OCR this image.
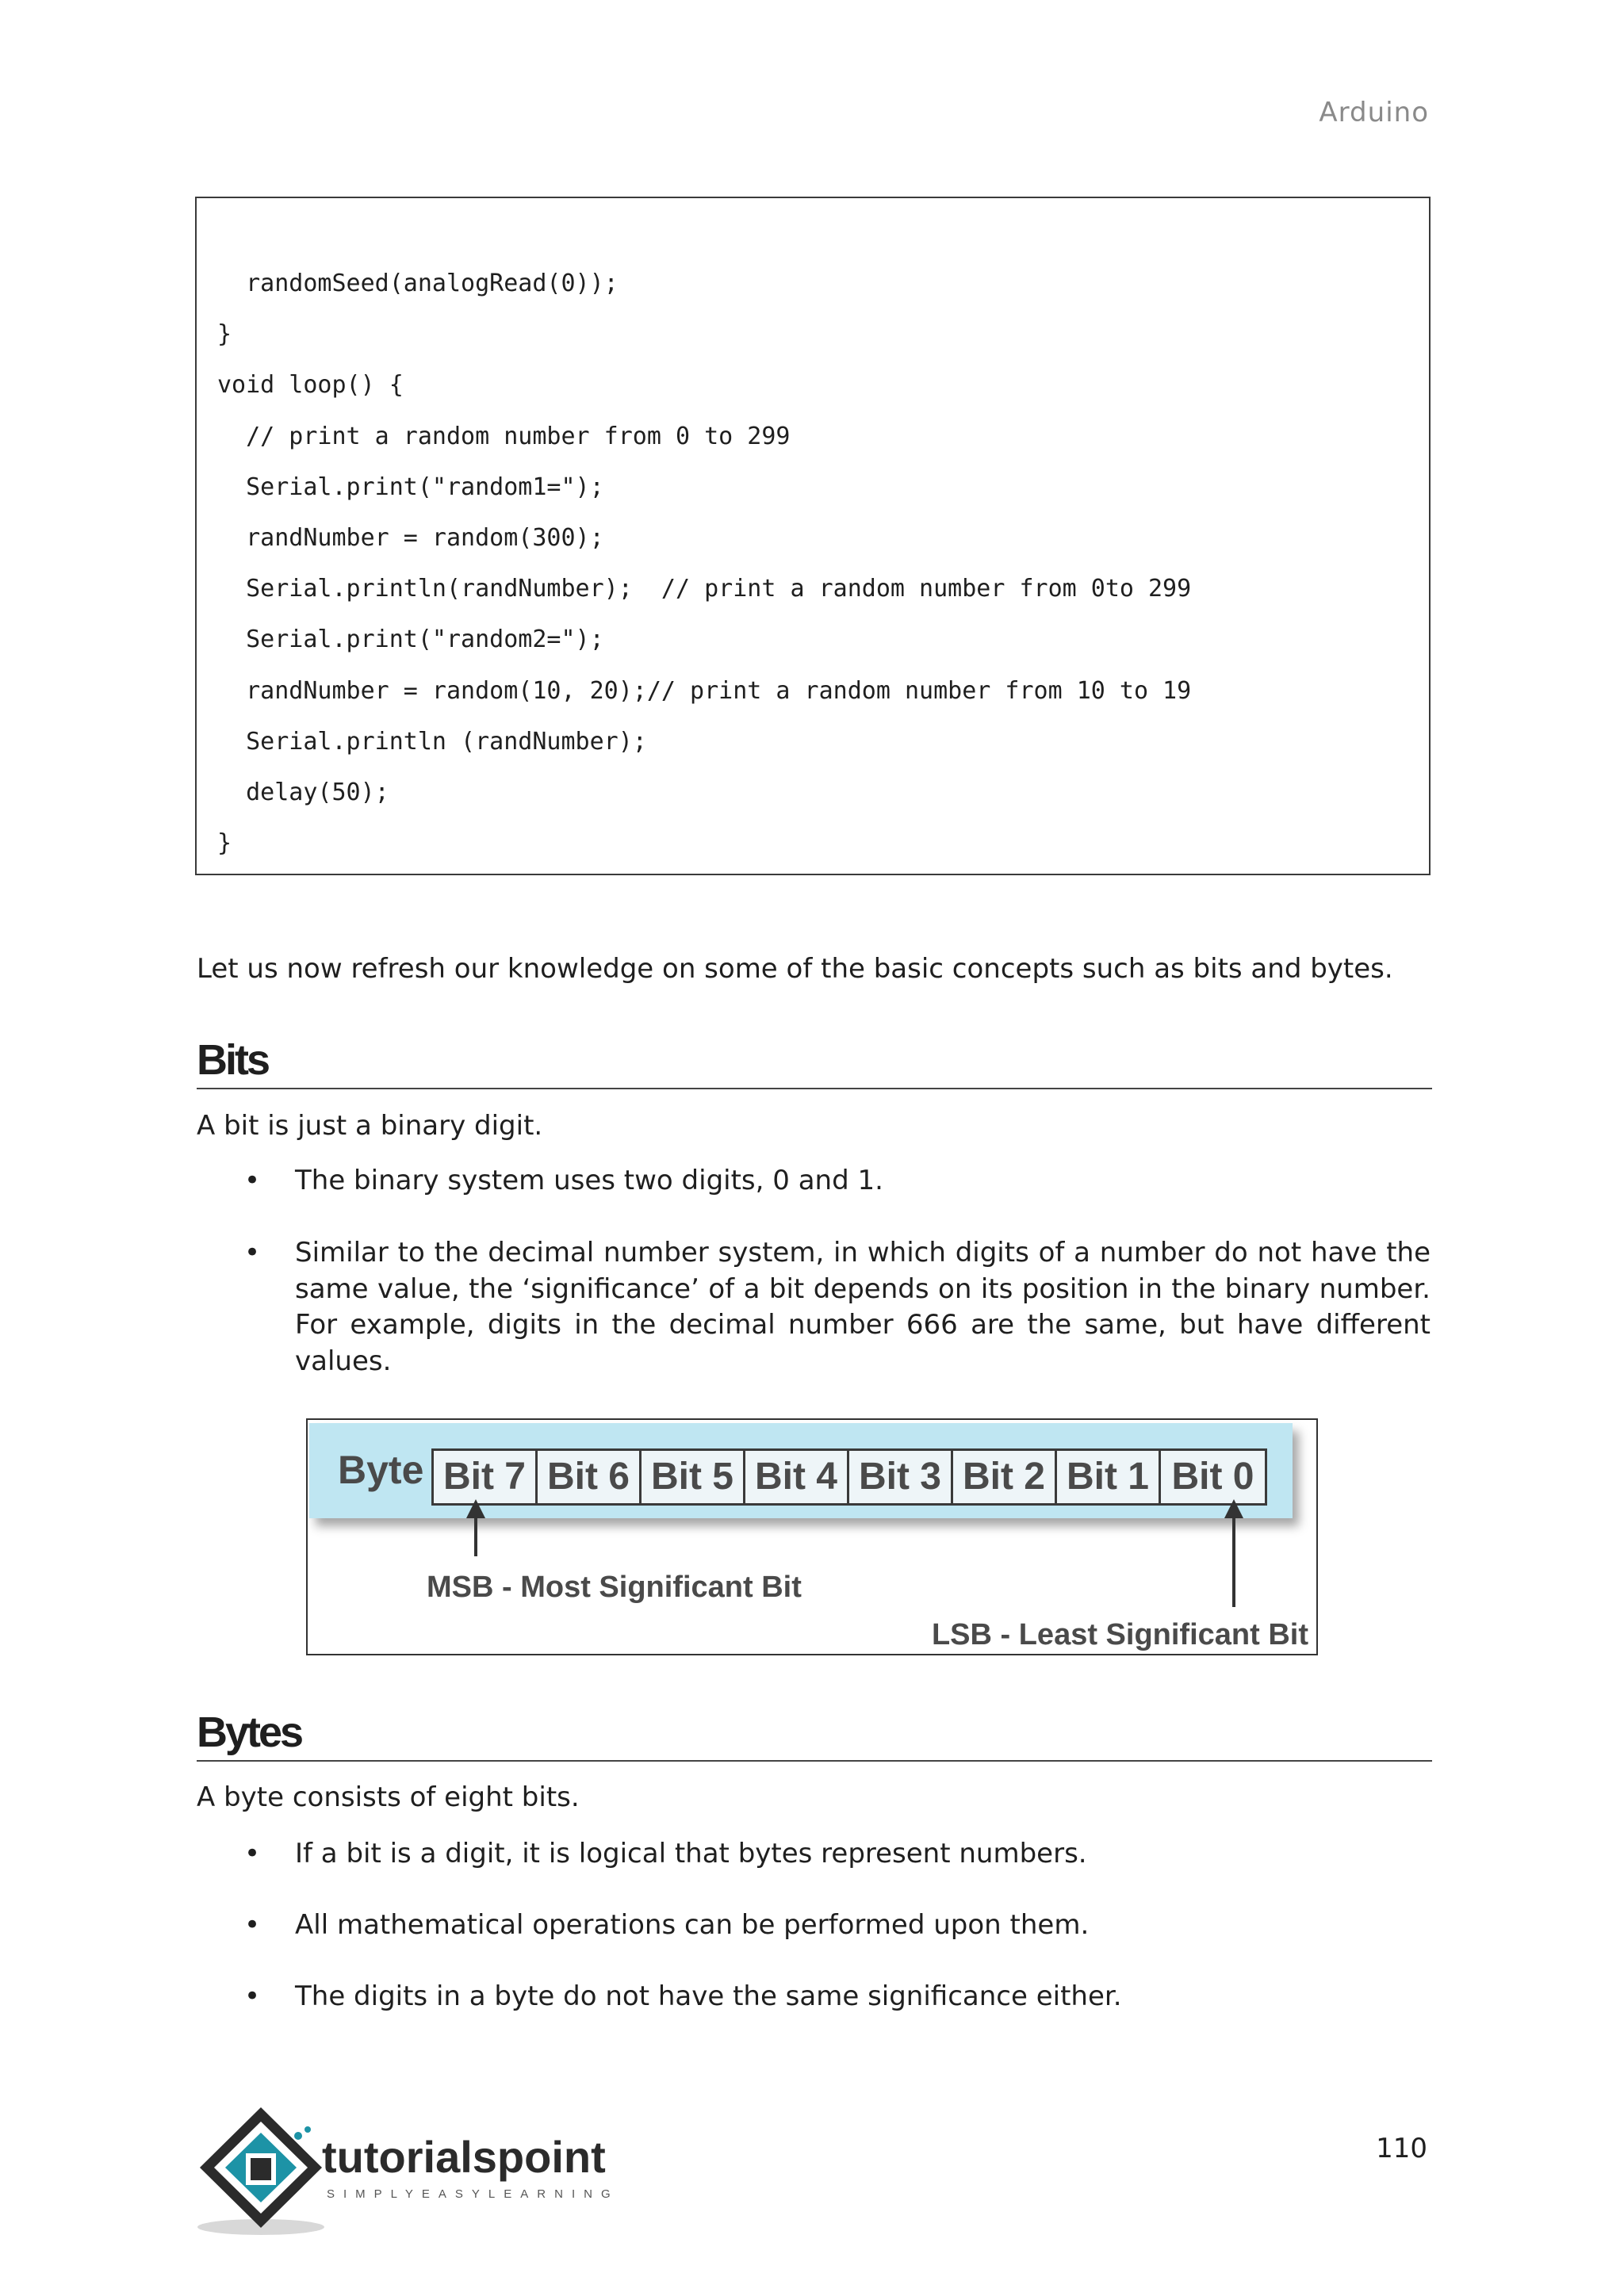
Arduino
randomSeed(analogRead(0));
}
void loop() {
// print a random number from 0 to 299
Serial.print("random1=");
randNumber = random(300);
Serial.println(randNumber);  // print a random number from 0to 299
Serial.print("random2=");
randNumber = random(10, 20);// print a random number from 10 to 19
Serial.println (randNumber);
delay(50);
}
Let us now refresh our knowledge on some of the basic concepts such as bits and bytes.
Bits
A bit is just a binary digit.
•	The binary system uses two digits, 0 and 1.
•	Similar to the decimal number system, in which digits of a number do not have the same value, the ‘significance’ of a bit depends on its position in the binary number. For example, digits in the decimal number 666 are the same, but have different values.
Byte Bit 7 Bit 6 Bit 5 Bit 4 Bit 3 Bit 2 Bit 1 Bit 0
MSB - Most Significant Bit
LSB - Least Significant Bit
Bytes
A byte consists of eight bits.
•	If a bit is a digit, it is logical that bytes represent numbers.
•	All mathematical operations can be performed upon them.
•	The digits in a byte do not have the same significance either.
tutorialspoint
SIMPLYEASYLEARNING
110
